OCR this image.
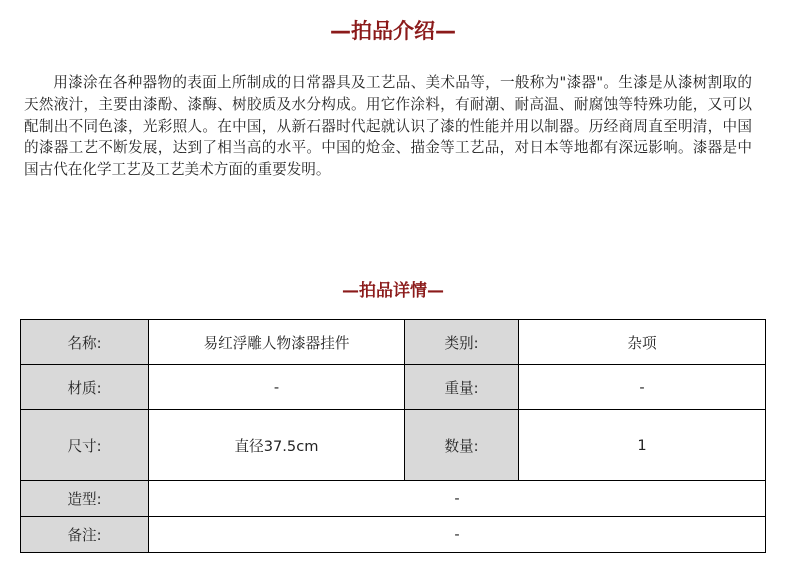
—拍品介绍—

用漆涂在各种器物的表面上所制成的日常器具及工艺品、美术品等，一般称为"漆器"。生漆是从漆树割取的天然液汁，主要由漆酚、漆酶、树胶质及水分构成。用它作涂料，有耐潮、耐高温、耐腐蚀等特殊功能，又可以配制出不同色漆，光彩照人。在中国，从新石器时代起就认识了漆的性能并用以制器。历经商周直至明清，中国的漆器工艺不断发展，达到了相当高的水平。中国的炝金、描金等工艺品，对日本等地都有深远影响。漆器是中国古代在化学工艺及工艺美术方面的重要发明。

—拍品详情—
名称:	易红浮雕人物漆器挂件	类别:	杂项
材质:	-	重量:	-
尺寸:	直径37.5cm	数量:	1
造型:	-		
备注:	-		
